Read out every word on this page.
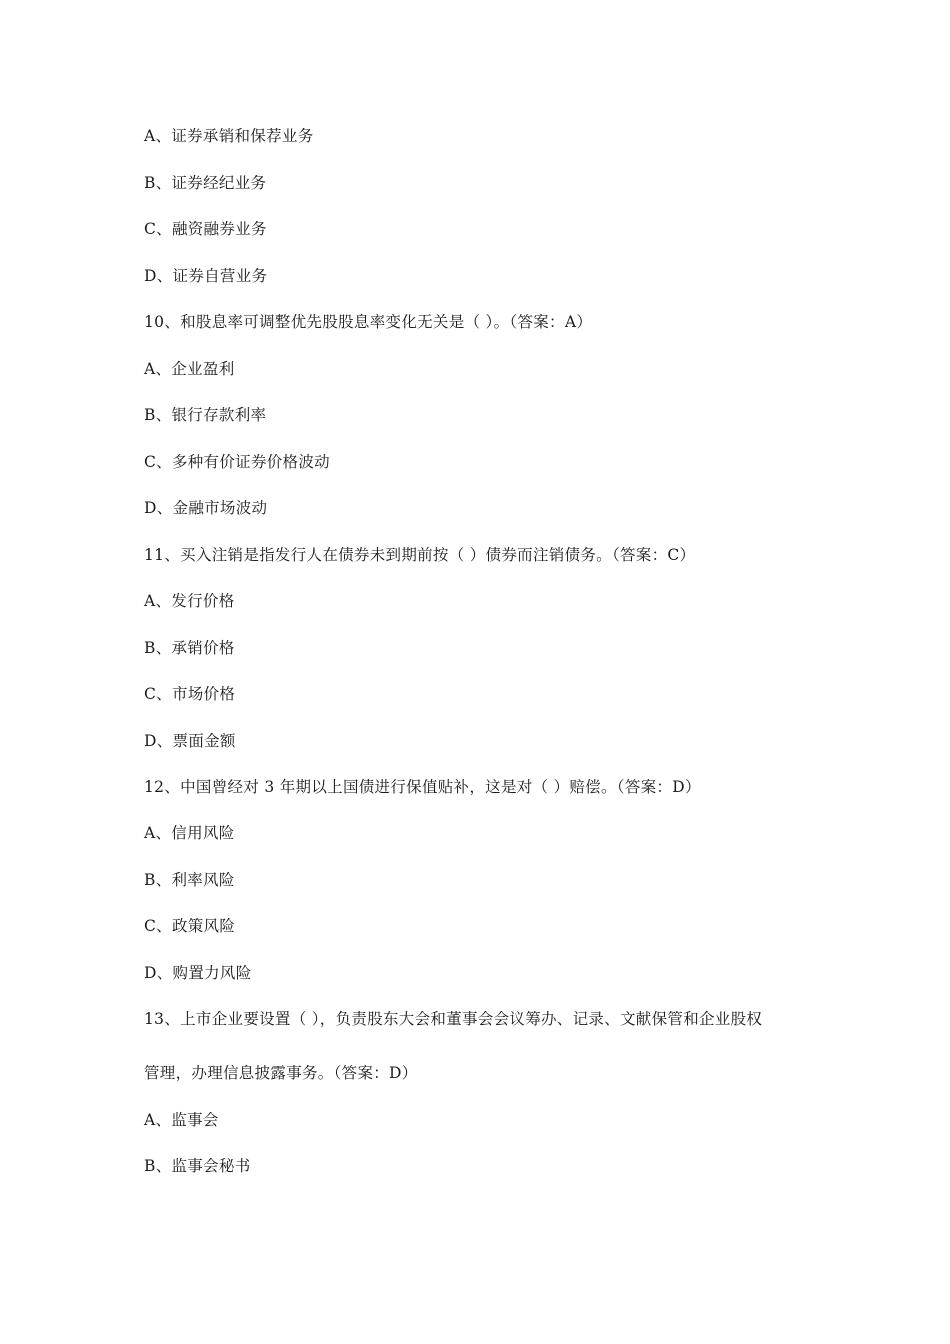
A、证券承销和保荐业务
B、证券经纪业务
C、融资融券业务
D、证券自营业务
10、和股息率可调整优先股股息率变化无关是（ ）。（答案：A）
A、企业盈利
B、银行存款利率
C、多种有价证券价格波动
D、金融市场波动
11、买入注销是指发行人在债券未到期前按（ ）债券而注销债务。（答案：C）
A、发行价格
B、承销价格
C、市场价格
D、票面金额
12、中国曾经对 3 年期以上国债进行保值贴补，这是对（ ）赔偿。（答案：D）
A、信用风险
B、利率风险
C、政策风险
D、购置力风险
13、上市企业要设置（ ），负责股东大会和董事会会议筹办、记录、文献保管和企业股权
管理，办理信息披露事务。（答案：D）
A、监事会
B、监事会秘书
